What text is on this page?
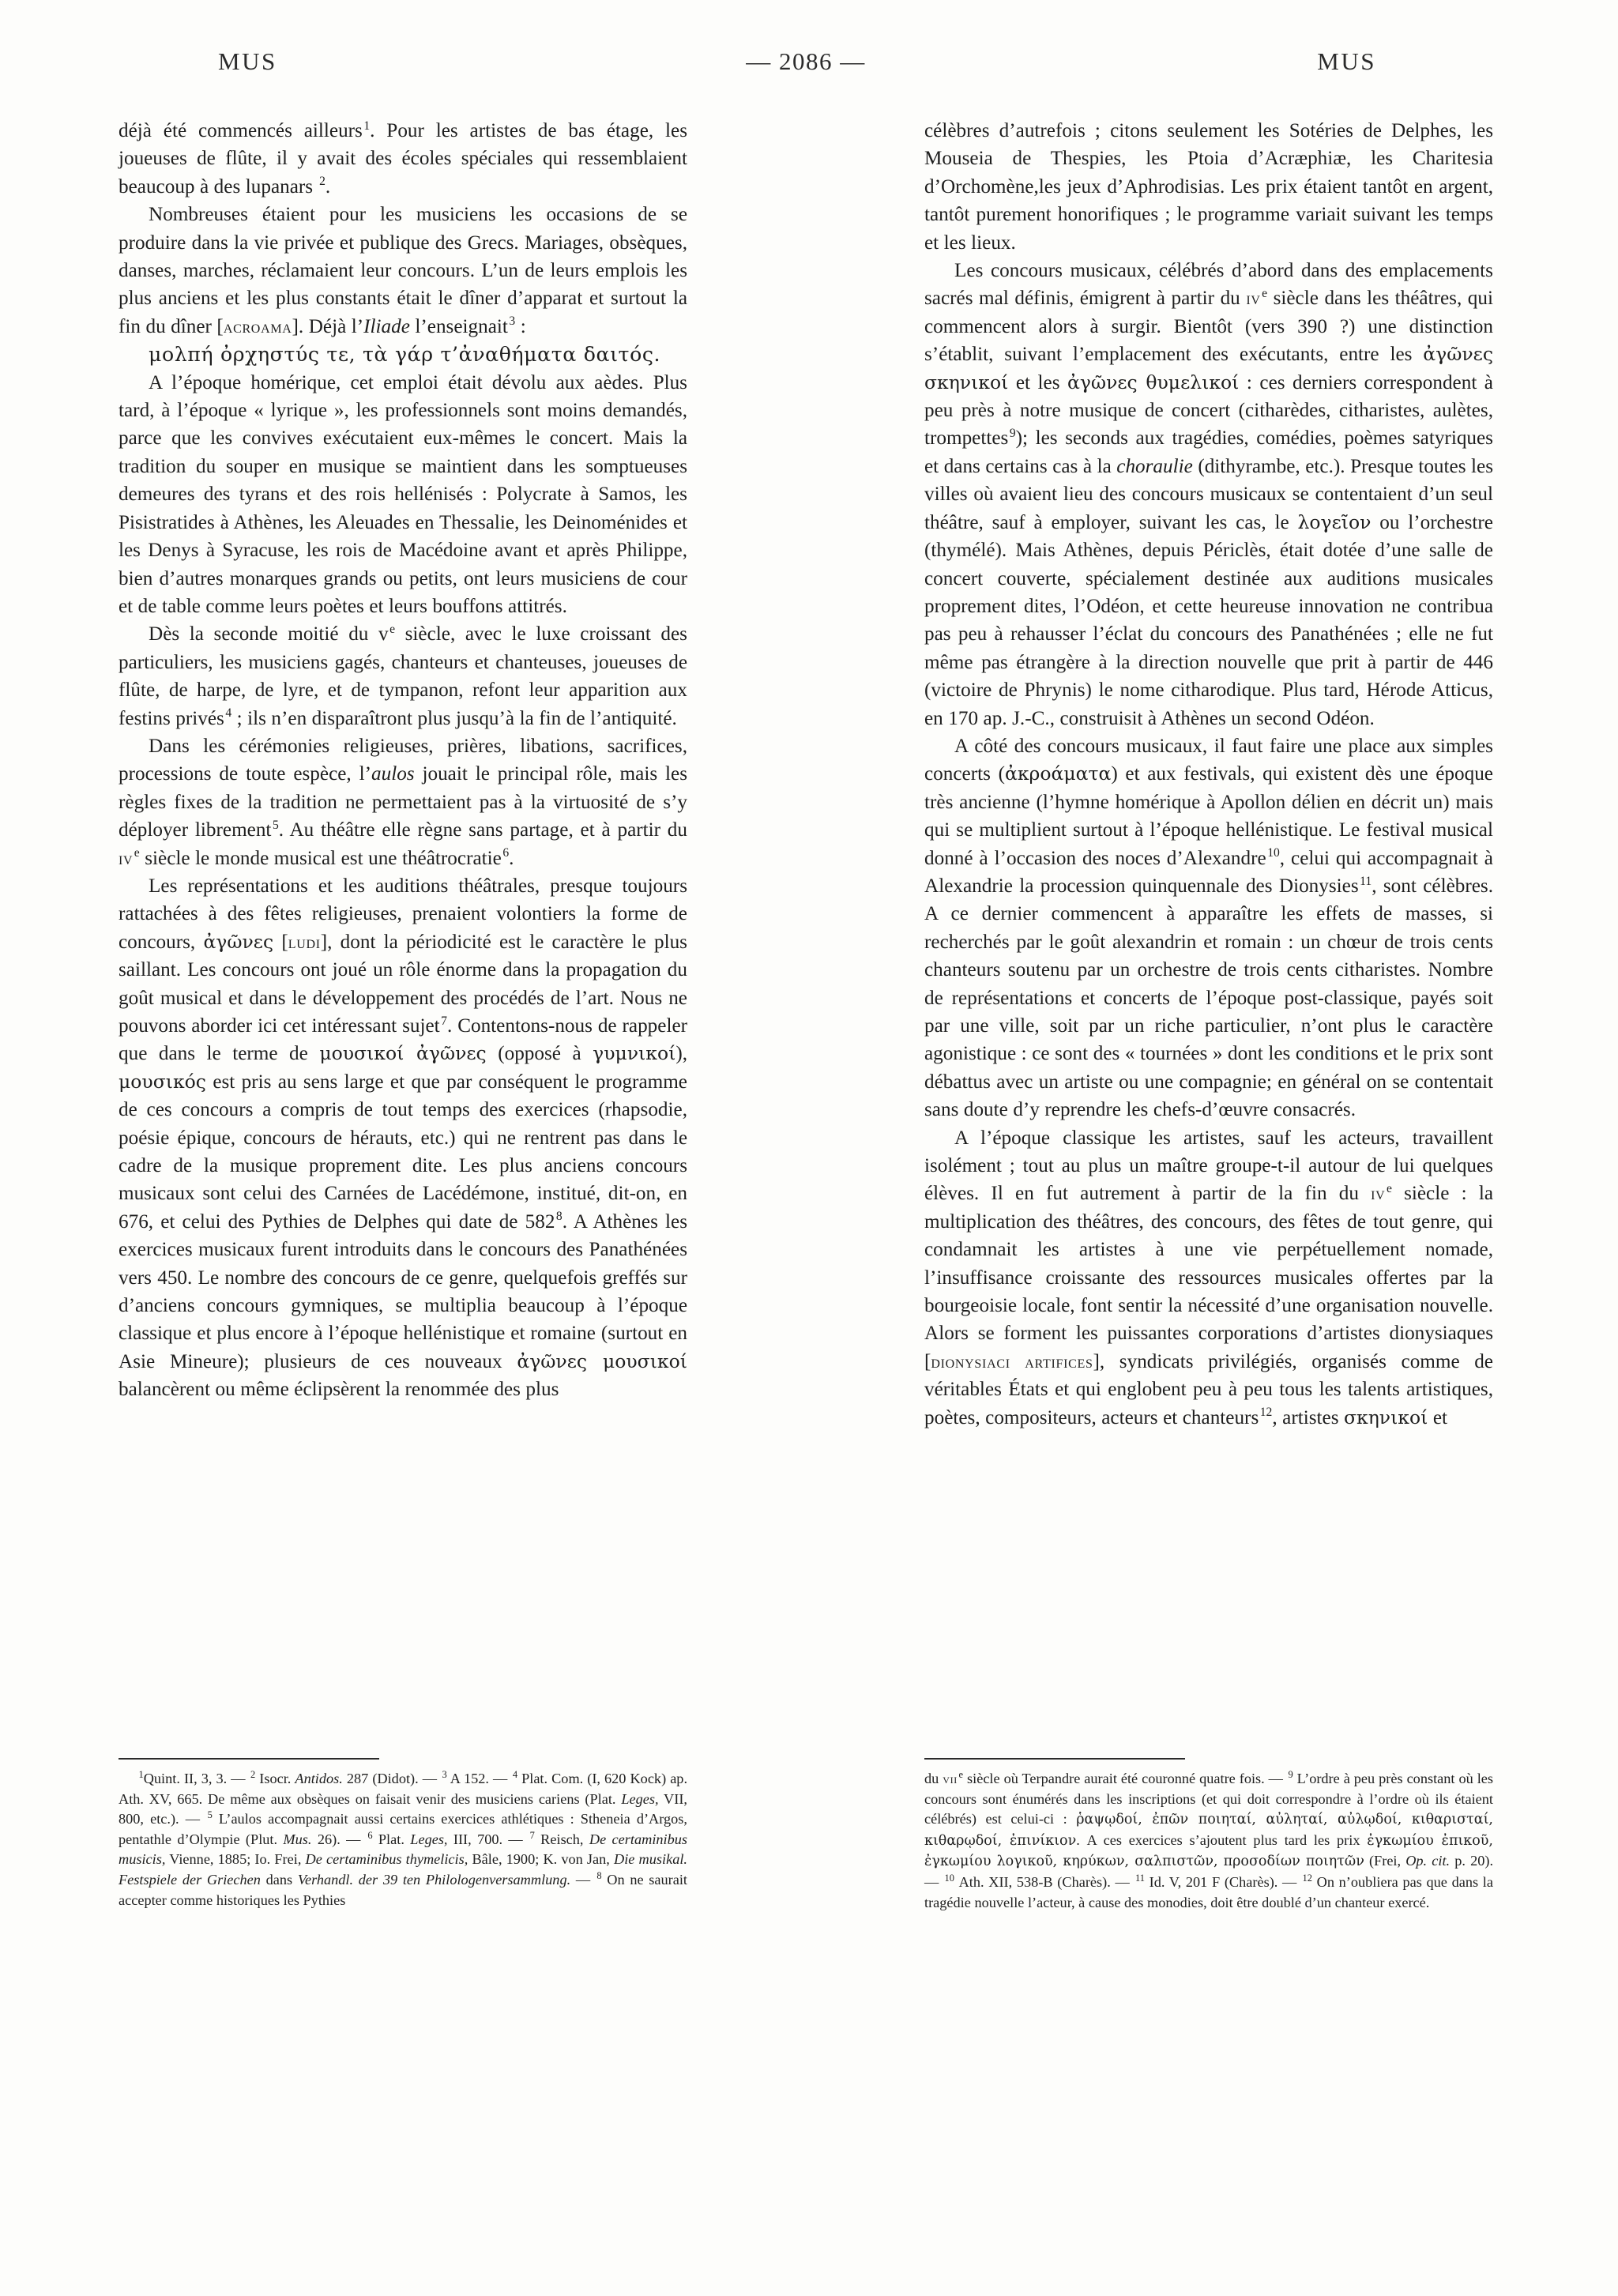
MUS	— 2086 —	MUS

déjà été commencés ailleurs$^1$. Pour les artistes de bas étage, les joueuses de flûte, il y avait des écoles spéciales qui ressemblaient beaucoup à des lupanars $^2$.

Nombreuses étaient pour les musiciens les occasions de se produire dans la vie privée et publique des Grecs. Mariages, obsèques, danses, marches, réclamaient leur concours. L’un de leurs emplois les plus anciens et les plus constants était le dîner d’apparat et surtout la fin du dîner [acroama]. Déjà l’Iliade l’enseignait$^3$ :

μολπή ὀρχηστύς τε, τὰ γάρ τ’ἀναθήματα δαιτός.

A l’époque homérique, cet emploi était dévolu aux aèdes. Plus tard, à l’époque « lyrique », les professionnels sont moins demandés, parce que les convives exécutaient eux-mêmes le concert. Mais la tradition du souper en musique se maintient dans les somptueuses demeures des tyrans et des rois hellénisés : Polycrate à Samos, les Pisistratides à Athènes, les Aleuades en Thessalie, les Deinoménides et les Denys à Syracuse, les rois de Macédoine avant et après Philippe, bien d’autres monarques grands ou petits, ont leurs musiciens de cour et de table comme leurs poètes et leurs bouffons attitrés.

Dès la seconde moitié du $v^e$ siècle, avec le luxe croissant des particuliers, les musiciens gagés, chanteurs et chanteuses, joueuses de flûte, de harpe, de lyre, et de tympanon, refont leur apparition aux festins privés$^4$ ; ils n’en disparaîtront plus jusqu’à la fin de l’antiquité.

Dans les cérémonies religieuses, prières, libations, sacrifices, processions de toute espèce, l’aulos jouait le principal rôle, mais les règles fixes de la tradition ne permettaient pas à la virtuosité de s’y déployer librement$^5$. Au théâtre elle règne sans partage, et à partir du $iv^e$ siècle le monde musical est une théâtrocratie$^6$.

Les représentations et les auditions théâtrales, presque toujours rattachées à des fêtes religieuses, prenaient volontiers la forme de concours, ἀγῶνες [ludi], dont la périodicité est le caractère le plus saillant. Les concours ont joué un rôle énorme dans la propagation du goût musical et dans le développement des procédés de l’art. Nous ne pouvons aborder ici cet intéressant sujet$^7$. Contentons-nous de rappeler que dans le terme de μουσικοί ἀγῶνες (opposé à γυμνικοί), μουσικός est pris au sens large et que par conséquent le programme de ces concours a compris de tout temps des exercices (rhapsodie, poésie épique, concours de hérauts, etc.) qui ne rentrent pas dans le cadre de la musique proprement dite. Les plus anciens concours musicaux sont celui des Carnées de Lacédémone, institué, dit-on, en 676, et celui des Pythies de Delphes qui date de $582^8$. A Athènes les exercices musicaux furent introduits dans le concours des Panathénées vers 450. Le nombre des concours de ce genre, quelquefois greffés sur d’anciens concours gymniques, se multiplia beaucoup à l’époque classique et plus encore à l’époque hellénistique et romaine (surtout en Asie Mineure); plusieurs de ces nouveaux ἀγῶνες μουσικοί balancèrent ou même éclipsèrent la renommée des plus

célèbres d’autrefois ; citons seulement les Sotéries de Delphes, les Mouseia de Thespies, les Ptoia d’Acræphiæ, les Charitesia d’Orchomène,les jeux d’Aphrodisias. Les prix étaient tantôt en argent, tantôt purement honorifiques ; le programme variait suivant les temps et les lieux.

Les concours musicaux, célébrés d’abord dans des emplacements sacrés mal définis, émigrent à partir du $iv^e$ siècle dans les théâtres, qui commencent alors à surgir. Bientôt (vers 390 ?) une distinction s’établit, suivant l’emplacement des exécutants, entre les ἀγῶνες σκηνικοί et les ἀγῶνες θυμελικοί : ces derniers correspondent à peu près à notre musique de concert (citharèdes, citharistes, aulètes, trompettes$^9$); les seconds aux tragédies, comédies, poèmes satyriques et dans certains cas à la choraulie (dithyrambe, etc.). Presque toutes les villes où avaient lieu des concours musicaux se contentaient d’un seul théâtre, sauf à employer, suivant les cas, le λογεῖον ou l’orchestre (thymélé). Mais Athènes, depuis Périclès, était dotée d’une salle de concert couverte, spécialement destinée aux auditions musicales proprement dites, l’Odéon, et cette heureuse innovation ne contribua pas peu à rehausser l’éclat du concours des Panathénées ; elle ne fut même pas étrangère à la direction nouvelle que prit à partir de 446 (victoire de Phrynis) le nome citharodique. Plus tard, Hérode Atticus, en 170 ap. J.-C., construisit à Athènes un second Odéon.

A côté des concours musicaux, il faut faire une place aux simples concerts (ἀκροάματα) et aux festivals, qui existent dès une époque très ancienne (l’hymne homérique à Apollon délien en décrit un) mais qui se multiplient surtout à l’époque hellénistique. Le festival musical donné à l’occasion des noces d’Alexandre$^{10}$, celui qui accompagnait à Alexandrie la procession quinquennale des Dionysies$^{11}$, sont célèbres. A ce dernier commencent à apparaître les effets de masses, si recherchés par le goût alexandrin et romain : un chœur de trois cents chanteurs soutenu par un orchestre de trois cents citharistes. Nombre de représentations et concerts de l’époque post-classique, payés soit par une ville, soit par un riche particulier, n’ont plus le caractère agonistique : ce sont des « tournées » dont les conditions et le prix sont débattus avec un artiste ou une compagnie; en général on se contentait sans doute d’y reprendre les chefs-d’œuvre consacrés.

A l’époque classique les artistes, sauf les acteurs, travaillent isolément ; tout au plus un maître groupe-t-il autour de lui quelques élèves. Il en fut autrement à partir de la fin du $iv^e$ siècle : la multiplication des théâtres, des concours, des fêtes de tout genre, qui condamnait les artistes à une vie perpétuellement nomade, l’insuffisance croissante des ressources musicales offertes par la bourgeoisie locale, font sentir la nécessité d’une organisation nouvelle. Alors se forment les puissantes corporations d’artistes dionysiaques [dionysiaci artifices], syndicats privilégiés, organisés comme de véritables États et qui englobent peu à peu tous les talents artistiques, poètes, compositeurs, acteurs et chanteurs$^{12}$, artistes σκηνικοί et

$^1$Quint. II, 3, 3. — $^2$ Isocr. Antidos. 287 (Didot). — $^3$ A 152. — $^4$ Plat. Com. (I, 620 Kock) ap. Ath. XV, 665. De même aux obsèques on faisait venir des musiciens cariens (Plat. Leges, VII, 800, etc.). — $^5$ L’aulos accompagnait aussi certains exercices athlétiques : Stheneia d’Argos, pentathle d’Olympie (Plut. Mus. 26). — $^6$ Plat. Leges, III, 700. — $^7$ Reisch, De certaminibus musicis, Vienne, 1885; Io. Frei, De certaminibus thymelicis, Bâle, 1900; K. von Jan, Die musikal. Festspiele der Griechen dans Verhandl. der 39 ten Philologenversammlung. — $^8$ On ne saurait accepter comme historiques les Pythies

du vii $^e$ siècle où Terpandre aurait été couronné quatre fois. — $^9$ L’ordre à peu près constant où les concours sont énumérés dans les inscriptions (et qui doit correspondre à l’ordre où ils étaient célébrés) est celui-ci : ῥαψῳδοί, ἐπῶν ποιηταί, αὐληταί, αὐλῳδοί, κιθαρισταί, κιθαρῳδοί, ἐπινίκιον. A ces exercices s’ajoutent plus tard les prix ἐγκωμίου ἐπικοῦ, ἐγκωμίου λογικοῦ, κηρύκων, σαλπιστῶν, προσοδίων ποιητῶν (Frei, Op. cit. p. 20). — $^{10}$ Ath. XII, 538-B (Charès). — $^{11}$ Id. V, 201 F (Charès). — $^{12}$ On n’oubliera pas que dans la tragédie nouvelle l’acteur, à cause des monodies, doit être doublé d’un chanteur exercé.
